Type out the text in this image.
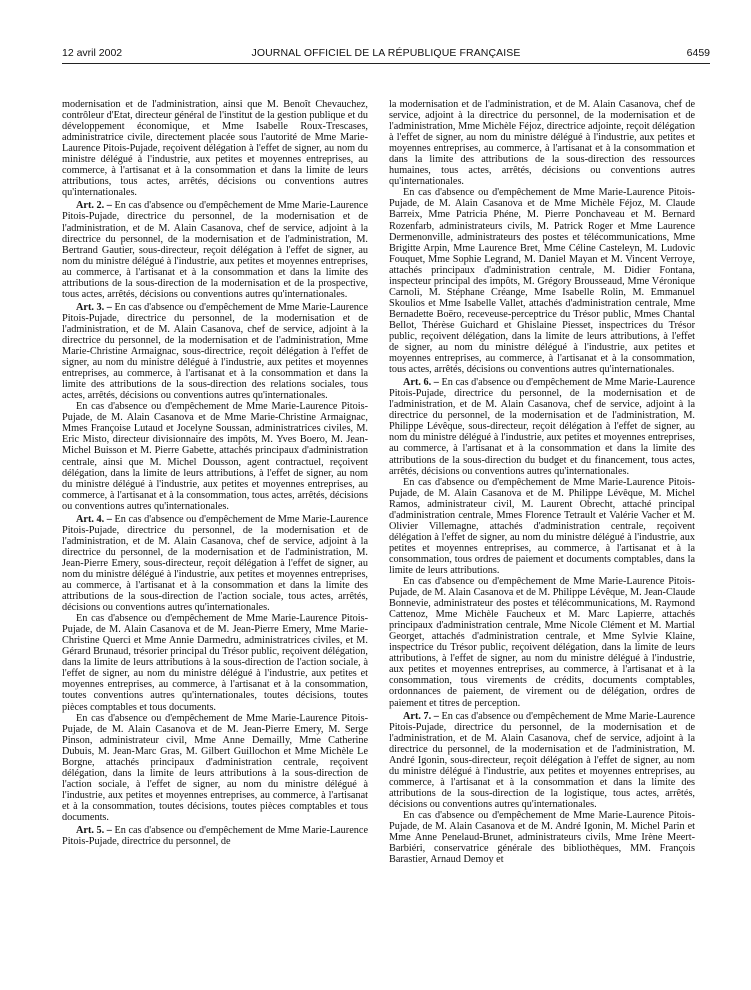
12 avril 2002	JOURNAL OFFICIEL DE LA RÉPUBLIQUE FRANÇAISE	6459

modernisation et de l'administration, ainsi que M. Benoît Chevauchez, contrôleur d'Etat, directeur général de l'institut de la gestion publique et du développement économique, et Mme Isabelle Roux-Trescases, administratrice civile, directement placée sous l'autorité de Mme Marie-Laurence Pitois-Pujade, reçoivent délégation à l'effet de signer, au nom du ministre délégué à l'industrie, aux petites et moyennes entreprises, au commerce, à l'artisanat et à la consommation et dans la limite de leurs attributions, tous actes, arrêtés, décisions ou conventions autres qu'internationales.

Art. 2. – En cas d'absence ou d'empêchement de Mme Marie-Laurence Pitois-Pujade, directrice du personnel, de la modernisation et de l'administration, et de M. Alain Casanova, chef de service, adjoint à la directrice du personnel, de la modernisation et de l'administration, M. Bertrand Gautier, sous-directeur, reçoit délégation à l'effet de signer, au nom du ministre délégué à l'industrie, aux petites et moyennes entreprises, au commerce, à l'artisanat et à la consommation et dans la limite des attributions de la sous-direction de la modernisation et de la prospective, tous actes, arrêtés, décisions ou conventions autres qu'internationales.

Art. 3. – En cas d'absence ou d'empêchement de Mme Marie-Laurence Pitois-Pujade, directrice du personnel, de la modernisation et de l'administration, et de M. Alain Casanova, chef de service, adjoint à la directrice du personnel, de la modernisation et de l'administration, Mme Marie-Christine Armaignac, sous-directrice, reçoit délégation à l'effet de signer, au nom du ministre délégué à l'industrie, aux petites et moyennes entreprises, au commerce, à l'artisanat et à la consommation et dans la limite des attributions de la sous-direction des relations sociales, tous actes, arrêtés, décisions ou conventions autres qu'internationales.

En cas d'absence ou d'empêchement de Mme Marie-Laurence Pitois-Pujade, de M. Alain Casanova et de Mme Marie-Christine Armaignac, Mmes Françoise Lutaud et Jocelyne Soussan, administratrices civiles, M. Eric Misto, directeur divisionnaire des impôts, M. Yves Boero, M. Jean-Michel Buisson et M. Pierre Gabette, attachés principaux d'administration centrale, ainsi que M. Michel Dousson, agent contractuel, reçoivent délégation, dans la limite de leurs attributions, à l'effet de signer, au nom du ministre délégué à l'industrie, aux petites et moyennes entreprises, au commerce, à l'artisanat et à la consommation, tous actes, arrêtés, décisions ou conventions autres qu'internationales.

Art. 4. – En cas d'absence ou d'empêchement de Mme Marie-Laurence Pitois-Pujade, directrice du personnel, de la modernisation et de l'administration, et de M. Alain Casanova, chef de service, adjoint à la directrice du personnel, de la modernisation et de l'administration, M. Jean-Pierre Emery, sous-directeur, reçoit délégation à l'effet de signer, au nom du ministre délégué à l'industrie, aux petites et moyennes entreprises, au commerce, à l'artisanat et à la consommation et dans la limite des attributions de la sous-direction de l'action sociale, tous actes, arrêtés, décisions ou conventions autres qu'internationales.

En cas d'absence ou d'empêchement de Mme Marie-Laurence Pitois-Pujade, de M. Alain Casanova et de M. Jean-Pierre Emery, Mme Marie-Christine Querci et Mme Annie Darmedru, administratrices civiles, et M. Gérard Brunaud, trésorier principal du Trésor public, reçoivent délégation, dans la limite de leurs attributions à la sous-direction de l'action sociale, à l'effet de signer, au nom du ministre délégué à l'industrie, aux petites et moyennes entreprises, au commerce, à l'artisanat et à la consommation, toutes conventions autres qu'internationales, toutes décisions, toutes pièces comptables et tous documents.

En cas d'absence ou d'empêchement de Mme Marie-Laurence Pitois-Pujade, de M. Alain Casanova et de M. Jean-Pierre Emery, M. Serge Pinson, administrateur civil, Mme Anne Demailly, Mme Catherine Dubuis, M. Jean-Marc Gras, M. Gilbert Guillochon et Mme Michèle Le Borgne, attachés principaux d'administration centrale, reçoivent délégation, dans la limite de leurs attributions à la sous-direction de l'action sociale, à l'effet de signer, au nom du ministre délégué à l'industrie, aux petites et moyennes entreprises, au commerce, à l'artisanat et à la consommation, toutes décisions, toutes pièces comptables et tous documents.

Art. 5. – En cas d'absence ou d'empêchement de Mme Marie-Laurence Pitois-Pujade, directrice du personnel, de

la modernisation et de l'administration, et de M. Alain Casanova, chef de service, adjoint à la directrice du personnel, de la modernisation et de l'administration, Mme Michèle Féjoz, directrice adjointe, reçoit délégation à l'effet de signer, au nom du ministre délégué à l'industrie, aux petites et moyennes entreprises, au commerce, à l'artisanat et à la consommation et dans la limite des attributions de la sous-direction des ressources humaines, tous actes, arrêtés, décisions ou conventions autres qu'internationales.

En cas d'absence ou d'empêchement de Mme Marie-Laurence Pitois-Pujade, de M. Alain Casanova et de Mme Michèle Féjoz, M. Claude Barreix, Mme Patricia Phéne, M. Pierre Ponchaveau et M. Bernard Rozenfarb, administrateurs civils, M. Patrick Roger et Mme Laurence Dermenonville, administrateurs des postes et télécommunications, Mme Brigitte Arpin, Mme Laurence Bret, Mme Céline Casteleyn, M. Ludovic Fouquet, Mme Sophie Legrand, M. Daniel Mayan et M. Vincent Verroye, attachés principaux d'administration centrale, M. Didier Fontana, inspecteur principal des impôts, M. Grégory Brousseaud, Mme Véronique Carnoli, M. Stéphane Créange, Mme Isabelle Rolin, M. Emmanuel Skoulios et Mme Isabelle Vallet, attachés d'administration centrale, Mme Bernadette Boëro, receveuse-perceptrice du Trésor public, Mmes Chantal Bellot, Thérèse Guichard et Ghislaine Piesset, inspectrices du Trésor public, reçoivent délégation, dans la limite de leurs attributions, à l'effet de signer, au nom du ministre délégué à l'industrie, aux petites et moyennes entreprises, au commerce, à l'artisanat et à la consommation, tous actes, arrêtés, décisions ou conventions autres qu'internationales.

Art. 6. – En cas d'absence ou d'empêchement de Mme Marie-Laurence Pitois-Pujade, directrice du personnel, de la modernisation et de l'administration, et de M. Alain Casanova, chef de service, adjoint à la directrice du personnel, de la modernisation et de l'administration, M. Philippe Lévêque, sous-directeur, reçoit délégation à l'effet de signer, au nom du ministre délégué à l'industrie, aux petites et moyennes entreprises, au commerce, à l'artisanat et à la consommation et dans la limite des attributions de la sous-direction du budget et du financement, tous actes, arrêtés, décisions ou conventions autres qu'internationales.

En cas d'absence ou d'empêchement de Mme Marie-Laurence Pitois-Pujade, de M. Alain Casanova et de M. Philippe Lévêque, M. Michel Ramos, administrateur civil, M. Laurent Obrecht, attaché principal d'administration centrale, Mmes Florence Tetrault et Valérie Vacher et M. Olivier Villemagne, attachés d'administration centrale, reçoivent délégation à l'effet de signer, au nom du ministre délégué à l'industrie, aux petites et moyennes entreprises, au commerce, à l'artisanat et à la consommation, tous ordres de paiement et documents comptables, dans la limite de leurs attributions.

En cas d'absence ou d'empêchement de Mme Marie-Laurence Pitois-Pujade, de M. Alain Casanova et de M. Philippe Lévêque, M. Jean-Claude Bonnevie, administrateur des postes et télécommunications, M. Raymond Cattenoz, Mme Michèle Faucheux et M. Marc Lapierre, attachés principaux d'administration centrale, Mme Nicole Clément et M. Martial Georget, attachés d'administration centrale, et Mme Sylvie Klaine, inspectrice du Trésor public, reçoivent délégation, dans la limite de leurs attributions, à l'effet de signer, au nom du ministre délégué à l'industrie, aux petites et moyennes entreprises, au commerce, à l'artisanat et à la consommation, tous virements de crédits, documents comptables, ordonnances de paiement, de virement ou de délégation, ordres de paiement et titres de perception.

Art. 7. – En cas d'absence ou d'empêchement de Mme Marie-Laurence Pitois-Pujade, directrice du personnel, de la modernisation et de l'administration, et de M. Alain Casanova, chef de service, adjoint à la directrice du personnel, de la modernisation et de l'administration, M. André Igonin, sous-directeur, reçoit délégation à l'effet de signer, au nom du ministre délégué à l'industrie, aux petites et moyennes entreprises, au commerce, à l'artisanat et à la consommation et dans la limite des attributions de la sous-direction de la logistique, tous actes, arrêtés, décisions ou conventions autres qu'internationales.

En cas d'absence ou d'empêchement de Mme Marie-Laurence Pitois-Pujade, de M. Alain Casanova et de M. André Igonin, M. Michel Parin et Mme Anne Penelaud-Brunet, administrateurs civils, Mme Irène Meert-Barbiéri, conservatrice générale des bibliothèques, MM. François Barastier, Arnaud Demoy et
